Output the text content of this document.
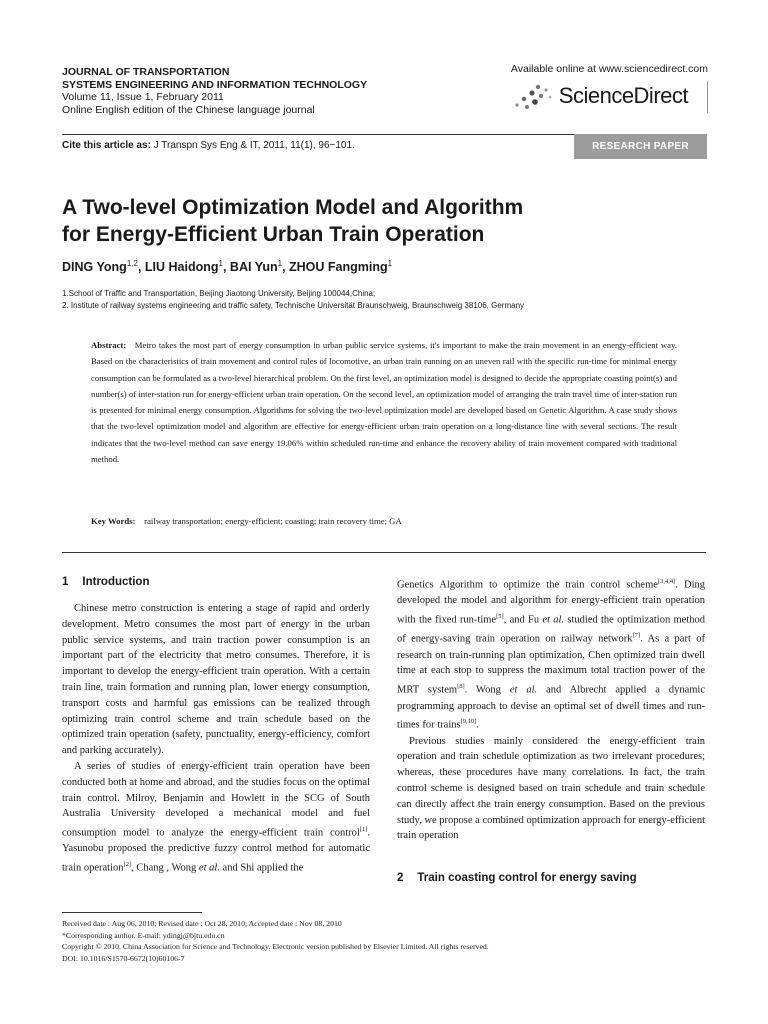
JOURNAL OF TRANSPORTATION
SYSTEMS ENGINEERING AND INFORMATION TECHNOLOGY
Volume 11, Issue 1, February 2011
Online English edition of the Chinese language journal
Available online at www.sciencedirect.com
ScienceDirect
Cite this article as: J Transpn Sys Eng & IT, 2011, 11(1), 96−101.	RESEARCH PAPER
A Two-level Optimization Model and Algorithm
for Energy-Efficient Urban Train Operation
DING Yong$^{1,2}$, LIU Haidong$^1$, BAI Yun$^1$, ZHOU Fangming$^1$
1.School of Traffic and Transportation, Beijing Jiaotong University, Beijing 100044,China;
2. Institute of railway systems engineering and traffic safety, Technische Universität Braunschweig, Braunschweig 38106, Germany
Abstract: Metro takes the most part of energy consumption in urban public service systems, it's important to make the train movement in an energy-efficient way. Based on the characteristics of train movement and control rules of locomotive, an urban train running on an uneven rail with the specific run-time for minimal energy consumption can be formulated as a two-level hierarchical problem. On the first level, an optimization model is designed to decide the appropriate coasting point(s) and number(s) of inter-station run for energy-efficient urban train operation. On the second level, an optimization model of arranging the train travel time of inter-station run is presented for minimal energy consumption. Algorithms for solving the two-level optimization model are developed based on Genetic Algorithm. A case study shows that the two-level optimization model and algorithm are effective for energy-efficient urban train operation on a long-distance line with several sections. The result indicates that the two-level method can save energy 19.06% within scheduled run-time and enhance the recovery ability of train movement compared with traditional method.
Key Words: railway transportation; energy-efficient; coasting; train recovery time; GA
1 Introduction

Chinese metro construction is entering a stage of rapid and orderly development. Metro consumes the most part of energy in the urban public service systems, and train traction power consumption is an important part of the electricity that metro consumes. Therefore, it is important to develop the energy-efficient train operation. With a certain train line, train formation and running plan, lower energy consumption, transport costs and harmful gas emissions can be realized through optimizing train control scheme and train schedule based on the optimized train operation (safety, punctuality, energy-efficiency, comfort and parking accurately).

A series of studies of energy-efficient train operation have been conducted both at home and abroad, and the studies focus on the optimal train control. Milroy, Benjamin and Howlett in the SCG of South Australia University developed a mechanical model and fuel consumption model to analyze the energy-efficient train control[1]. Yasunobu proposed the predictive fuzzy control method for automatic train operation[2], Chang , Wong et al. and Shi applied the

Genetics Algorithm to optimize the train control scheme[3,4,4]. Ding developed the model and algorithm for energy-efficient train operation with the fixed run-time[5], and Fu et al. studied the optimization method of energy-saving train operation on railway network[7]. As a part of research on train-running plan optimization, Chen optimized train dwell time at each stop to suppress the maximum total traction power of the MRT system[8]. Wong et al. and Albrecht applied a dynamic programming approach to devise an optimal set of dwell times and run-times for trains[9,10].

Previous studies mainly considered the energy-efficient train operation and train schedule optimization as two irrelevant procedures; whereas, these procedures have many correlations. In fact, the train control scheme is designed based on train schedule and train schedule can directly affect the train energy consumption. Based on the previous study, we propose a combined optimization approach for energy-efficient train operation

2 Train coasting control for energy saving
Received date : Aug 06, 2010; Revised date : Oct 28, 2010; Accepted date : Nov 08, 2010
*Corresponding author. E-mail: ydingj@bjtu.edu.cn
Copyright © 2010, China Association for Science and Technology. Electronic version published by Elsevier Limited. All rights reserved.
DOI: 10.1016/S1570-6672(10)60106-7
